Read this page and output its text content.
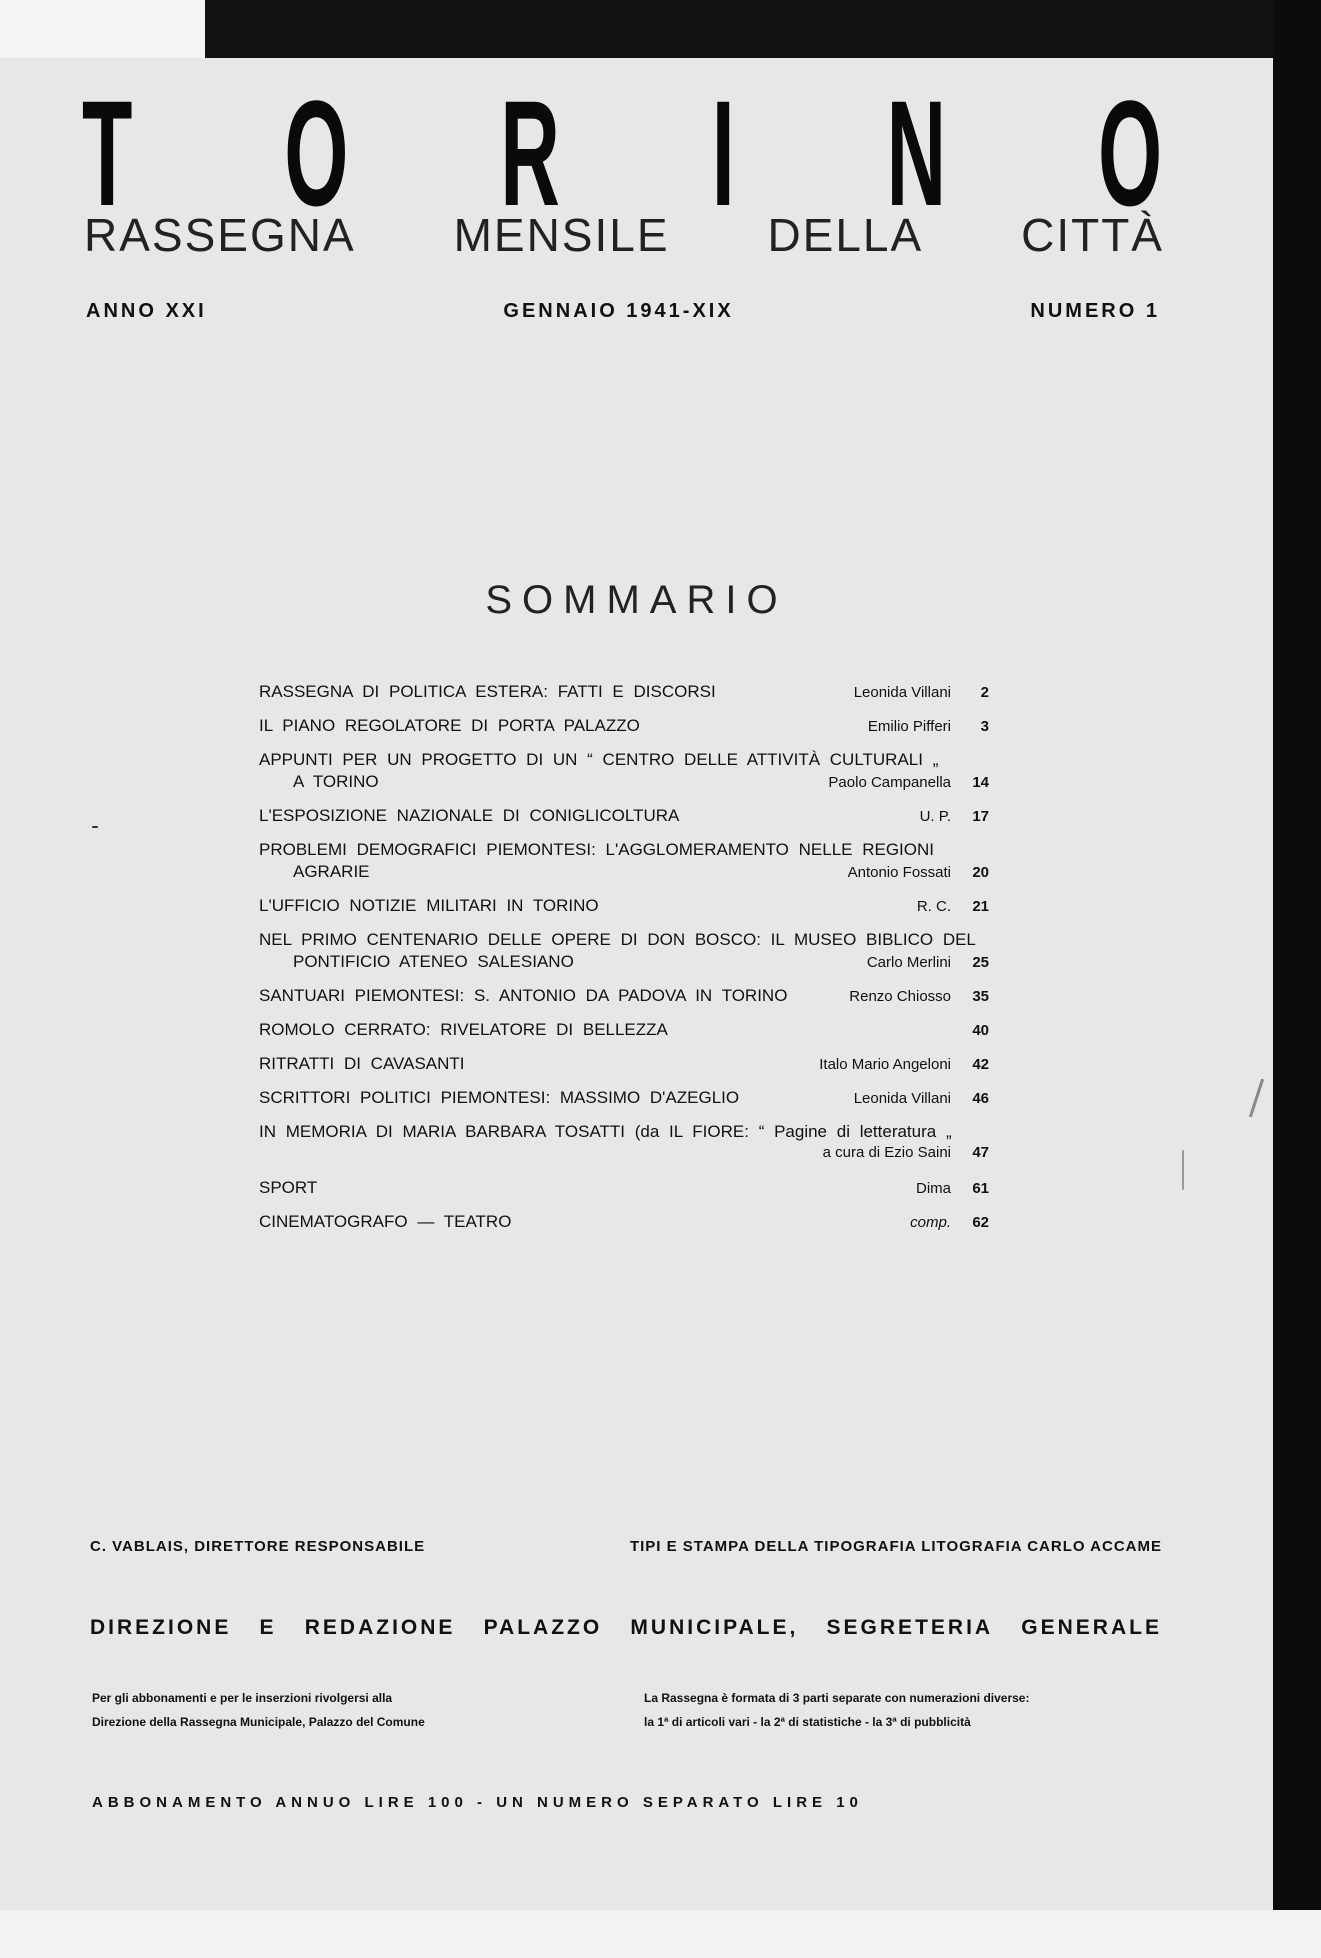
T O R I N O
RASSEGNA MENSILE DELLA CITTÀ
ANNO XXI	GENNAIO 1941-XIX	NUMERO 1
SOMMARIO
RASSEGNA DI POLITICA ESTERA: FATTI E DISCORSI	Leonida Villani	2
IL PIANO REGOLATORE DI PORTA PALAZZO	Emilio Pifferi	3
APPUNTI PER UN PROGETTO DI UN “ CENTRO DELLE ATTIVITÀ CULTURALI „
A TORINO	Paolo Campanella	14
L'ESPOSIZIONE NAZIONALE DI CONIGLICOLTURA	U. P.	17
PROBLEMI DEMOGRAFICI PIEMONTESI: L'AGGLOMERAMENTO NELLE REGIONI
AGRARIE	Antonio Fossati	20
L'UFFICIO NOTIZIE MILITARI IN TORINO	R. C.	21
NEL PRIMO CENTENARIO DELLE OPERE DI DON BOSCO: IL MUSEO BIBLICO DEL
PONTIFICIO ATENEO SALESIANO	Carlo Merlini	25
SANTUARI PIEMONTESI: S. ANTONIO DA PADOVA IN TORINO	Renzo Chiosso	35
ROMOLO CERRATO: RIVELATORE DI BELLEZZA	40
RITRATTI DI CAVASANTI	Italo Mario Angeloni	42
SCRITTORI POLITICI PIEMONTESI: MASSIMO D'AZEGLIO	Leonida Villani	46
IN MEMORIA DI MARIA BARBARA TOSATTI (da IL FIORE: “ Pagine di letteratura „
a cura di Ezio Saini	47
SPORT	Dima	61
CINEMATOGRAFO — TEATRO	comp.	62
C. VABLAIS, DIRETTORE RESPONSABILE	TIPI E STAMPA DELLA TIPOGRAFIA LITOGRAFIA CARLO ACCAME
DIREZIONE E REDAZIONE PALAZZO MUNICIPALE, SEGRETERIA GENERALE
Per gli abbonamenti e per le inserzioni rivolgersi alla
Direzione della Rassegna Municipale, Palazzo del Comune
La Rassegna è formata di 3 parti separate con numerazioni diverse:
la 1ª di articoli vari - la 2ª di statistiche - la 3ª di pubblicità
ABBONAMENTO ANNUO LIRE 100 - UN NUMERO SEPARATO LIRE 10
